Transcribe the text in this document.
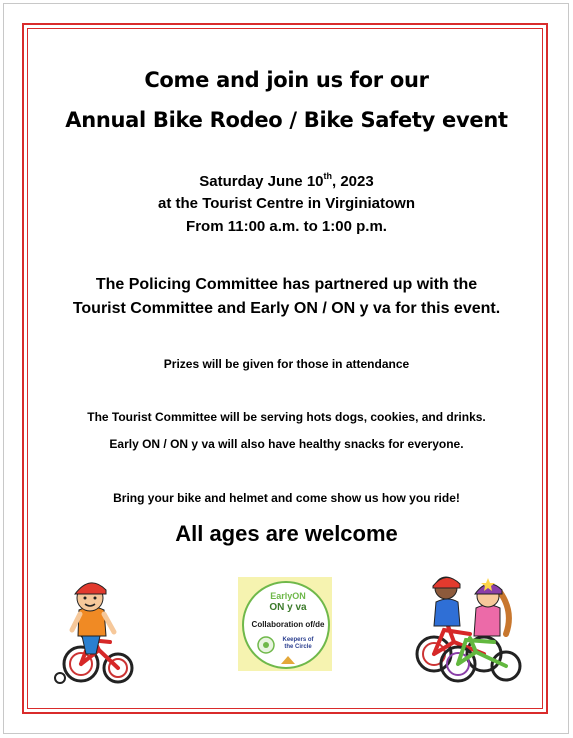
Come and join us for our
Annual Bike Rodeo / Bike Safety event
Saturday June 10th, 2023
at the Tourist Centre in Virginiatown
From 11:00 a.m. to 1:00 p.m.
The Policing Committee has partnered up with the
Tourist Committee and Early ON / ON y va for this event.
Prizes will be given for those in attendance
The Tourist Committee will be serving hots dogs, cookies, and drinks.
Early ON / ON y va will also have healthy snacks for everyone.
Bring your bike and helmet and come show us how you ride!
All ages are welcome
EarlyON
ON y va
Collaboration of/de
Keepers of the Circle
